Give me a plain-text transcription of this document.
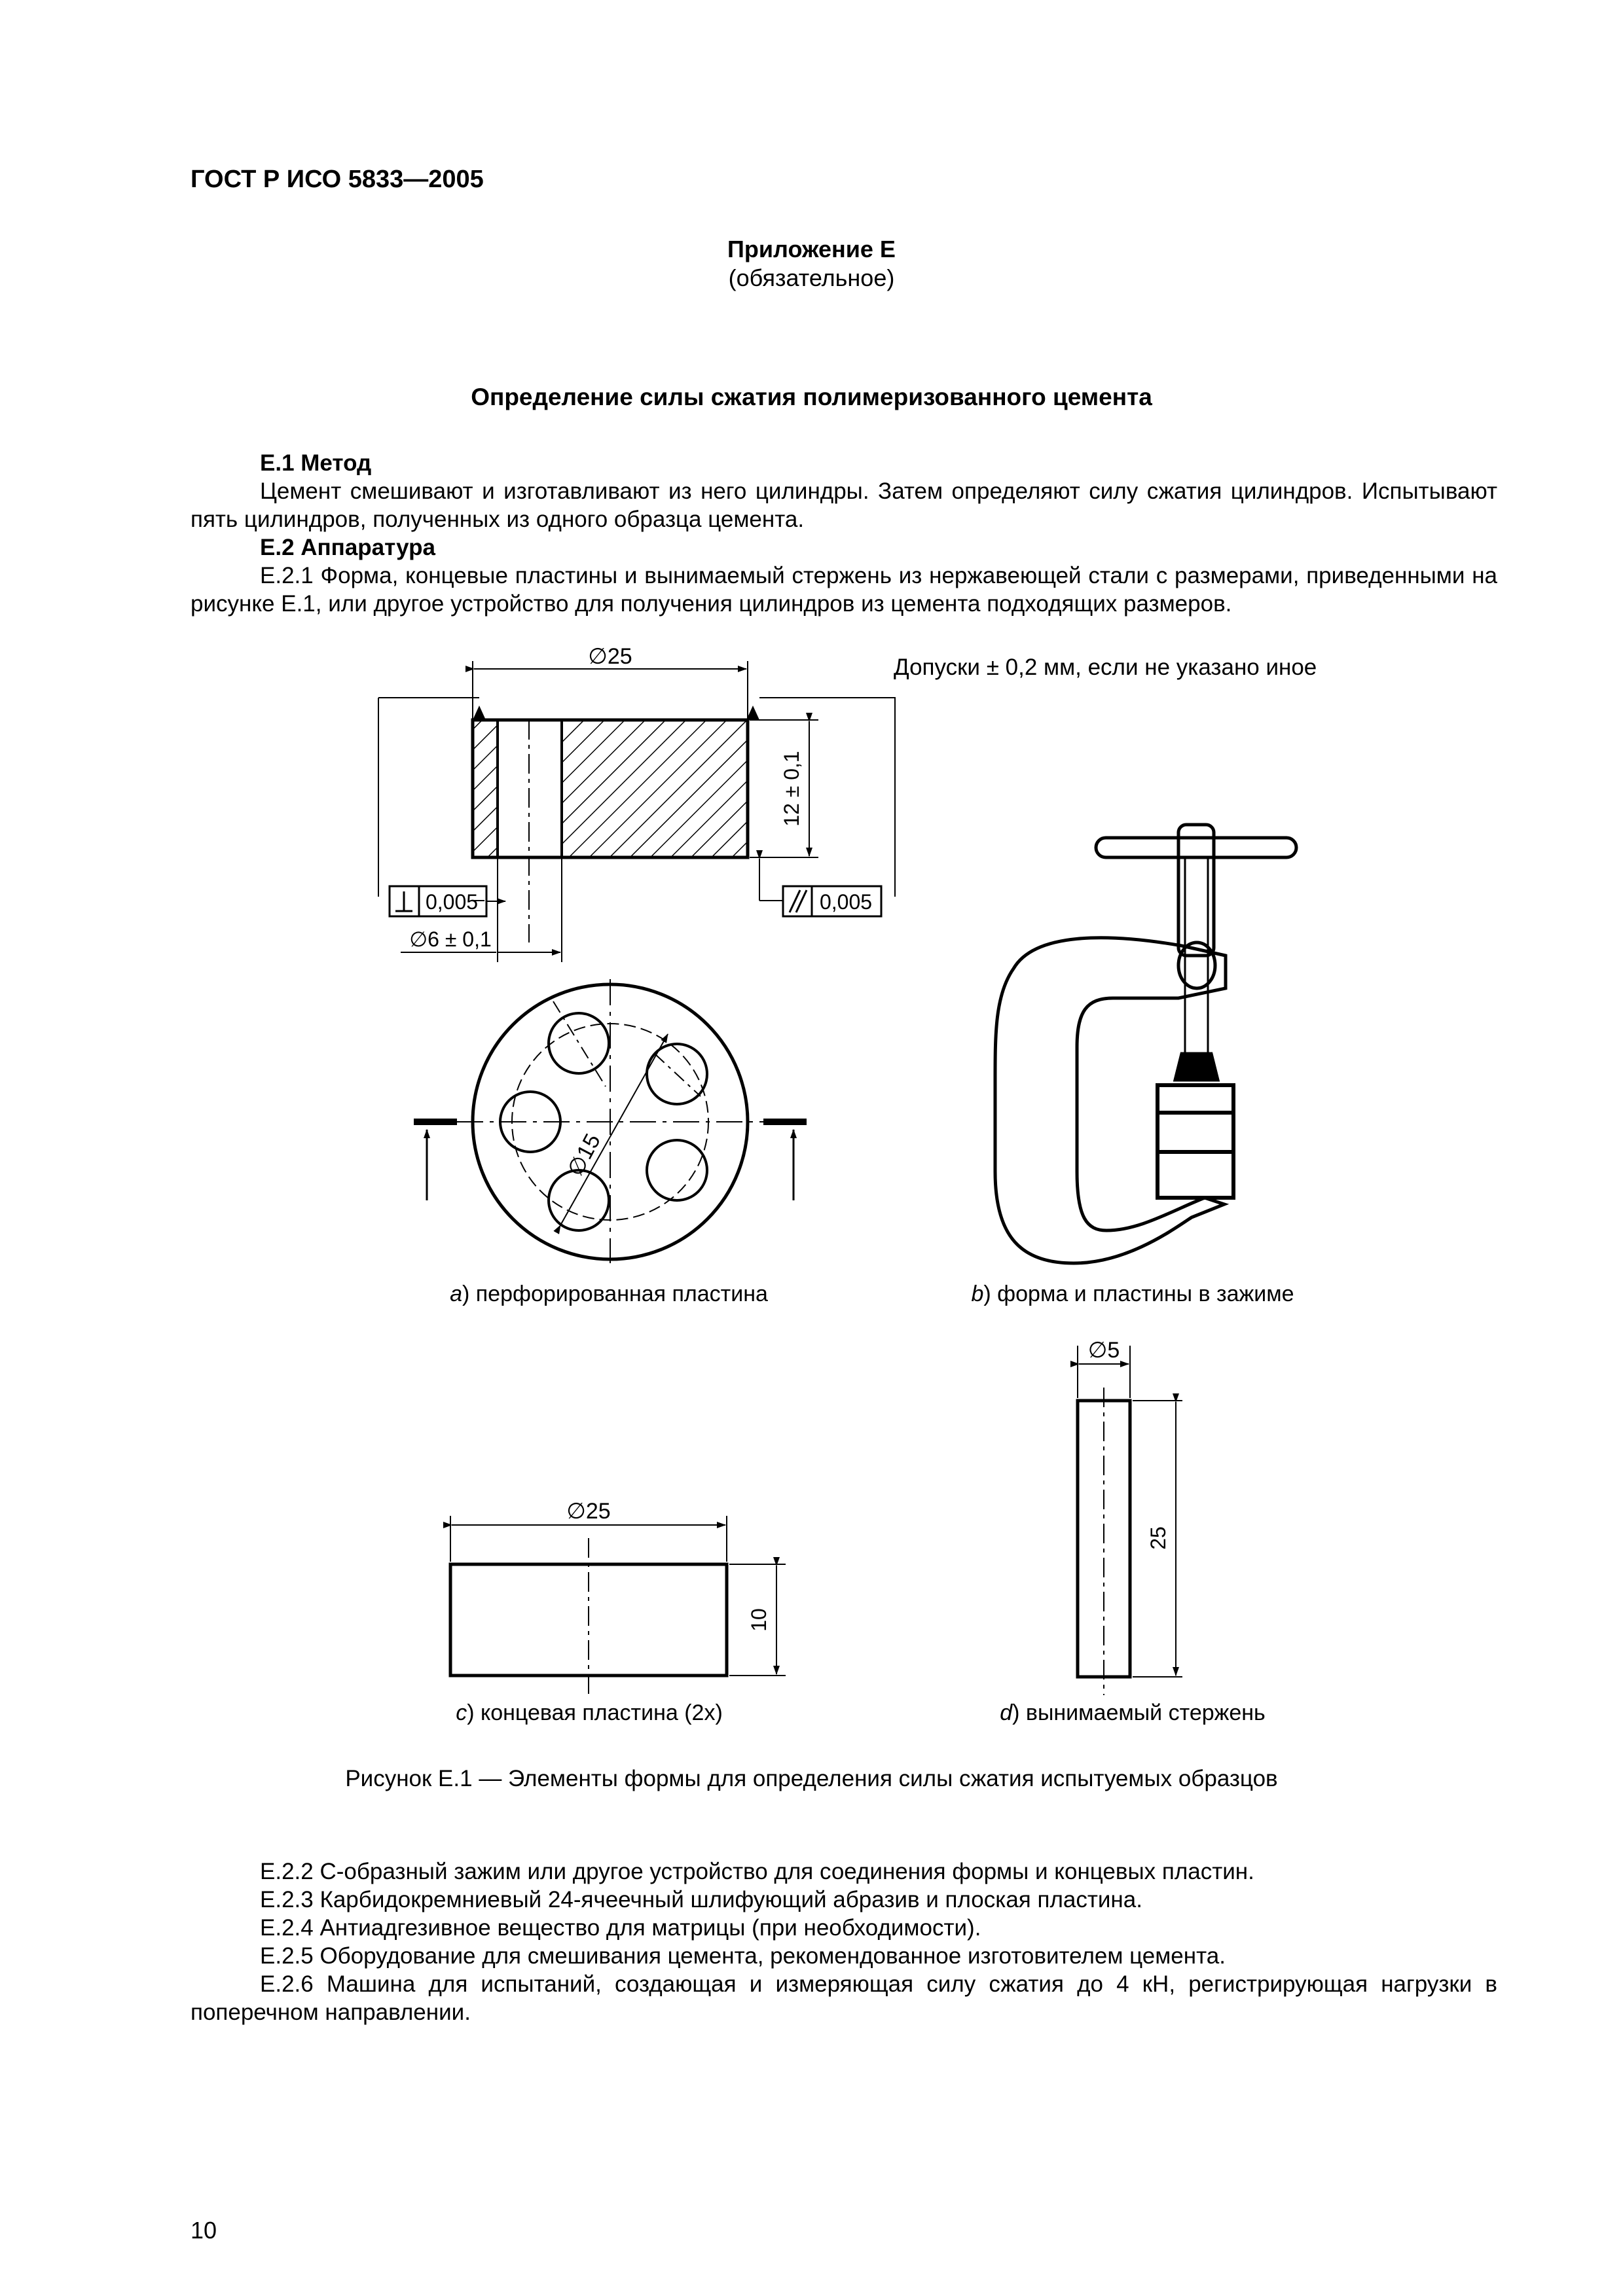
ГОСТ Р ИСО 5833—2005
Приложение Е
(обязательное)
Определение силы сжатия полимеризованного цемента

Е.1 Метод

Цемент смешивают и изготавливают из него цилиндры. Затем определяют силу сжатия цилиндров. Испытывают пять цилиндров, полученных из одного образца цемента.

Е.2 Аппаратура

Е.2.1 Форма, концевые пластины и вынимаемый стержень из нержавеющей стали с размерами, приведенными на рисунке Е.1, или другое устройство для получения цилиндров из цемента подходящих размеров.

∅25
12 ± 0,1
0,005	0,005
∅6 ± 0,1
∅15
∅25
10
∅5
25
Допуски ± 0,2 мм, если не указано иное
а) перфорированная пластина	b) форма и пластины в зажиме
с) концевая пластина (2х)	d) вынимаемый стержень
Рисунок Е.1 — Элементы формы для определения силы сжатия испытуемых образцов

Е.2.2 С-образный зажим или другое устройство для соединения формы и концевых пластин.

Е.2.3 Карбидокремниевый 24-ячеечный шлифующий абразив и плоская пластина.

Е.2.4 Антиадгезивное вещество для матрицы (при необходимости).

Е.2.5 Оборудование для смешивания цемента, рекомендованное изготовителем цемента.

Е.2.6 Машина для испытаний, создающая и измеряющая силу сжатия до 4 кН, регистрирующая нагрузки в поперечном направлении.

10
